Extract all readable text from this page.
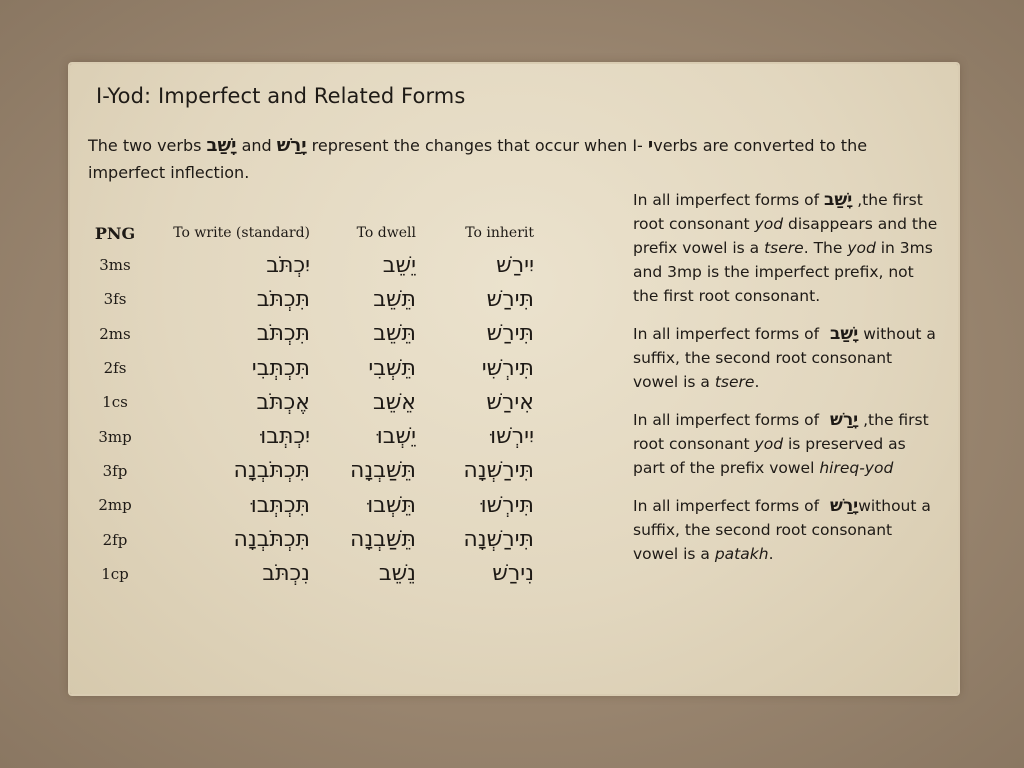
I-Yod: Imperfect and Related Forms
The two verbs יָשַׁב and יָרַשׁ represent the changes that occur when I- יverbs are converted to the imperfect inflection.
PNG	To write (standard)	To dwell	To inherit
3ms	יִכְתֹּב	יֵשֵׁב	יִירַשׁ
3fs	תִּכְתֹּב	תֵּשֵׁב	תִּירַשׁ
2ms	תִּכְתֹּב	תֵּשֵׁב	תִּירַשׁ
2fs	תִּכְתְּבִי	תֵּשְׁבִי	תִּירְשִׁי
1cs	אֶכְתֹּב	אֵשֵׁב	אִירַשׁ
3mp	יִכְתְּבוּ	יֵשְׁבוּ	יִירְשׁוּ
3fp	תִּכְתֹּבְנָה	תֵּשַׁבְנָה	תִּירַשְׁנָה
2mp	תִּכְתְּבוּ	תֵּשְׁבוּ	תִּירְשׁוּ
2fp	תִּכְתֹּבְנָה	תֵּשַׁבְנָה	תִּירַשְׁנָה
1cp	נִכְתֹּב	נֵשֵׁב	נִירַשׁ

In all imperfect forms of יָשַׁב ,the first root consonant yod disappears and the prefix vowel is a tsere. The yod in 3ms and 3mp is the imperfect prefix, not the first root consonant.

In all imperfect forms of יָשַׁב without a suffix, the second root consonant vowel is a tsere.

In all imperfect forms of יָרַשׁ ,the first root consonant yod is preserved as part of the prefix vowel hireq-yod

In all imperfect forms of יָרַשׁwithout a suffix, the second root consonant vowel is a patakh.
